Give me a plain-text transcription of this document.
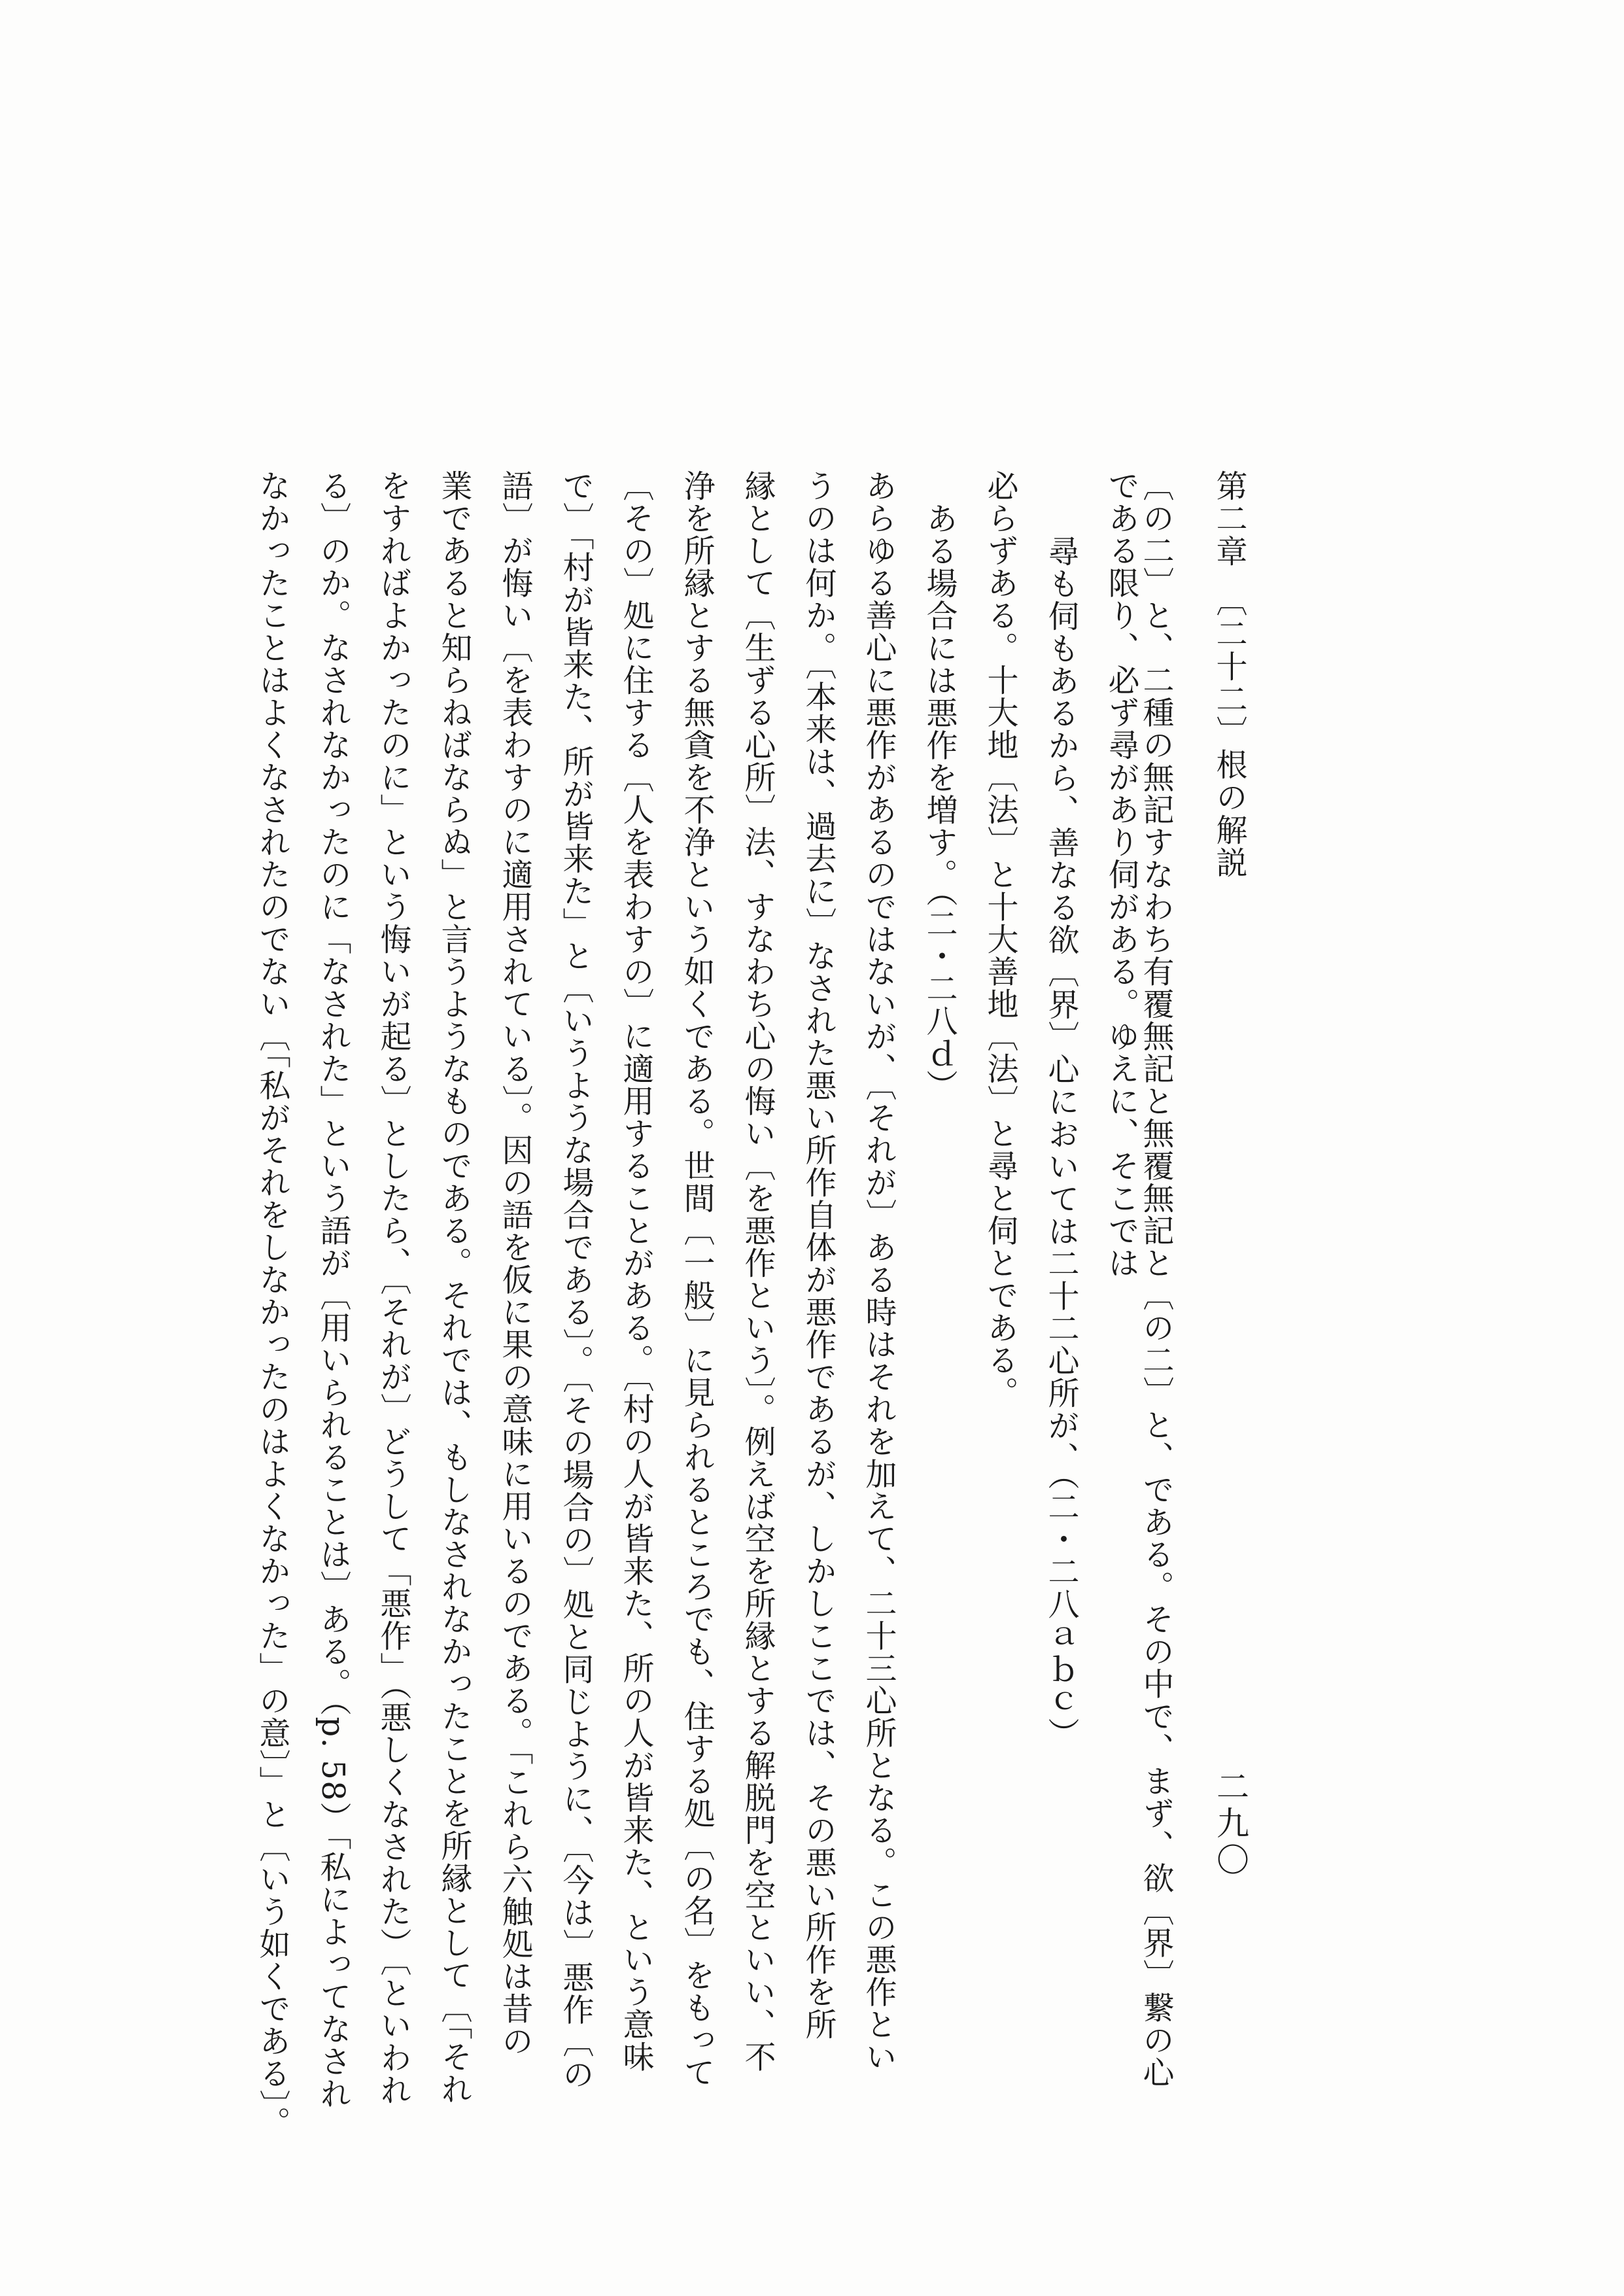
第二章　〔二十二〕根の解説
二九〇
〔の二〕と、二種の無記すなわち有覆無記と無覆無記と〔の二〕と、である。その中で、まず、欲〔界〕繋の心
である限り、必ず尋があり伺がある。ゆえに、そこでは
尋も伺もあるから、善なる欲〔界〕心においては二十二心所が、（二・二八ａｂｃ）
必らずある。十大地〔法〕と十大善地〔法〕と尋と伺とである。
ある場合には悪作を増す。（二・二八ｄ）
あらゆる善心に悪作があるのではないが、〔それが〕ある時はそれを加えて、二十三心所となる。この悪作とい
うのは何か。〔本来は、過去に〕なされた悪い所作自体が悪作であるが、しかしここでは、その悪い所作を所
縁として〔生ずる心所〕法、すなわち心の悔い〔を悪作という〕。例えば空を所縁とする解脱門を空といい、不
浄を所縁とする無貪を不浄という如くである。世間〔一般〕に見られるところでも、住する処〔の名〕をもって
〔その〕処に住する〔人を表わすの〕に適用することがある。〔村の人が皆来た、所の人が皆来た、という意味
で〕「村が皆来た、所が皆来た」と〔いうような場合である〕。〔その場合の〕処と同じように、〔今は〕悪作〔の
語〕が悔い〔を表わすのに適用されている〕。因の語を仮に果の意味に用いるのである。「これら六触処は昔の
業であると知らねばならぬ」と言うようなものである。それでは、もしなされなかったことを所縁として〔「それ
をすればよかったのに」という悔いが起る〕としたら、〔それが〕どうして「悪作」（悪しくなされた）〔といわれ
る〕のか。なされなかったのに「なされた」という語が〔用いられることは〕ある。（p. 58）「私によってなされ
なかったことはよくなされたのでない〔「私がそれをしなかったのはよくなかった」の意〕」と〔いう如くである〕。
